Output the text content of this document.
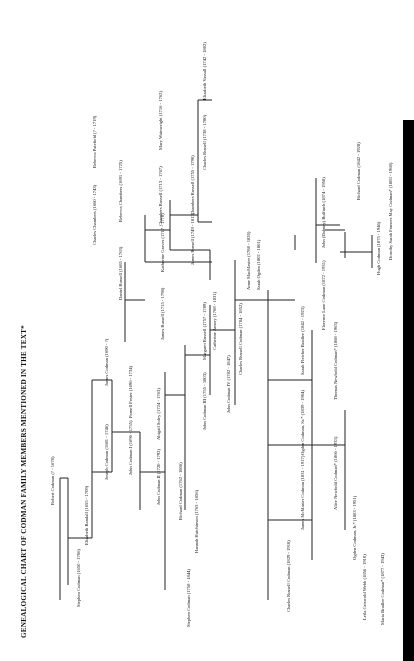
GENEALOGICAL CHART OF CODMAN FAMILY MEMBERS MENTIONED IN THE TEXT*	Robert Codman (? - 1678)
Stephen Codman (1650 - 1706)
Elizabeth Randall (1655 - 1709)
Joseph Codman (1681 - 1746)
James Codman (1690 - ?)
John Codman I (1696 - 1755)
Parnell Foster (1696 - 1734)
John Codman II (1720 - 1792)
Abigail Soley (1724 - 1763)
Stephen Codman (1758 - 1844)
Hannah Hutchinson (1763 - 1856)
Richard Codman (1762 - 1806)
John Codman III (1755 - 1803)
Margaret Russell (1757 - 1789) Catherine Amory (1768 - 1831)	Charles Russell Codman (1784 - 1852)
Anne MacMaster (1788 - 1820) Sarah Ogden (1802 - 1861)
John Codman IV (1782 - 1847)
Charles Chambers (1660 - 1743)
Rebecca Patefield (? - 1719)
Daniel Russell (1685 - 1763)
Rebecca Chambers (1691 - 1725)
James Russell (1715 - 1798)
Katherine Graves (1717 - 1778)
Chambers Russell (1713 - 1767)
Mary Wainwright (1716 - 1762)
James Russell (1749 - 1813)
Chambers Russell (1755 - 1790)
Charles Russell (1738 - 1780)
Elizabeth Vassall (1742 - 1802)
Charles Russell Codman (1829 - 1918)
James McMaster Codman (1831 - 1917)
Ogden Codman, Sr.* (1839 - 1904)
Sarah Fletcher Bradlee (1842 - 1923)	Thomas Newbold Codman* (1868 - 1963)
Alice Newbold Codman* (1866 - 1933)
Ogden Codman, Jr.* (1863 - 1951)
Leila Griswold Webb (1856 - 1910)	Maria Bradlee Codman* (1877 - 1943)
Hugh Codman (1875 - 1946)
Florence Lane Codman (1872 - 1931)
John (Dabney) Bulfinch (1874 - 1958)
Richard Codman (1842 - 1928)	Dorothy Sarah Frances May Codman* (1883 - 1968)
